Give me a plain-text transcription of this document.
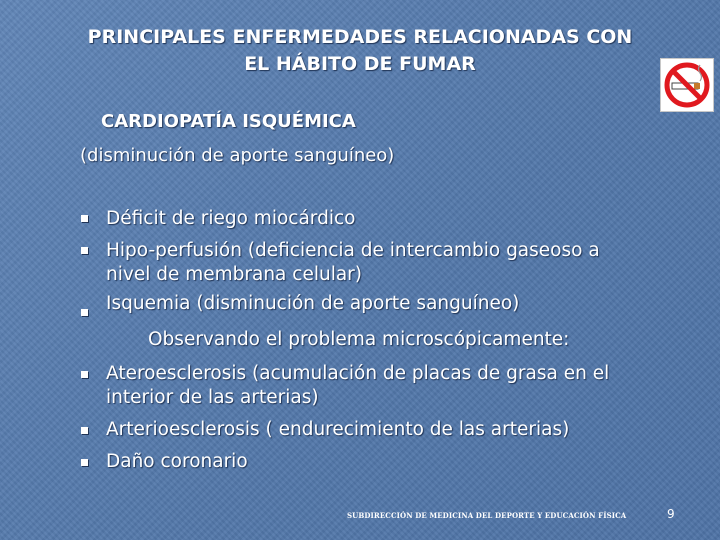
PRINCIPALES ENFERMEDADES RELACIONADAS CON
EL HÁBITO DE FUMAR
CARDIOPATÍA ISQUÉMICA
(disminución de aporte sanguíneo)
Déficit de riego miocárdico
Hipo-perfusión (deficiencia de intercambio gaseoso a
nivel de membrana celular)
Isquemia (disminución de aporte sanguíneo)
Observando el problema microscópicamente:
Ateroesclerosis (acumulación de placas de grasa en el
interior de las arterias)
Arterioesclerosis ( endurecimiento de las arterias)
Daño coronario
SUBDIRECCIÓN DE MEDICINA DEL DEPORTE Y EDUCACIÓN FÍSICA	9
